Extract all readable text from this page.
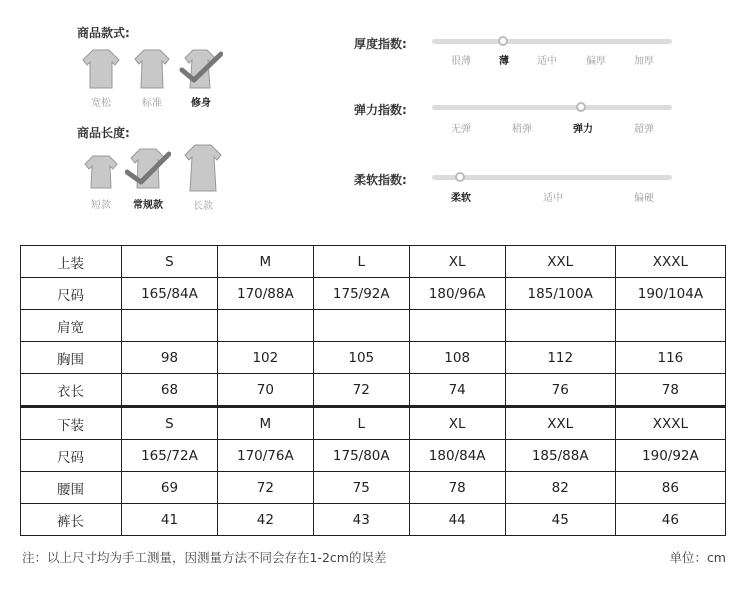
商品款式:
宽松	标准	修身
商品长度:
短款	常规款	长款
厚度指数:
很薄	薄	适中	偏厚	加厚
弹力指数:
无弹	稍弹	弹力	超弹
柔软指数:
柔软	适中	偏硬
上装	S	M	L	XL	XXL	XXXL
尺码	165/84A	170/88A	175/92A	180/96A	185/100A	190/104A
肩宽						
胸围	98	102	105	108	112	116
衣长	68	70	72	74	76	78
下装	S	M	L	XL	XXL	XXXL
尺码	165/72A	170/76A	175/80A	180/84A	185/88A	190/92A
腰围	69	72	75	78	82	86
裤长	41	42	43	44	45	46
注：以上尺寸均为手工测量，因测量方法不同会存在1-2cm的误差	单位：cm
